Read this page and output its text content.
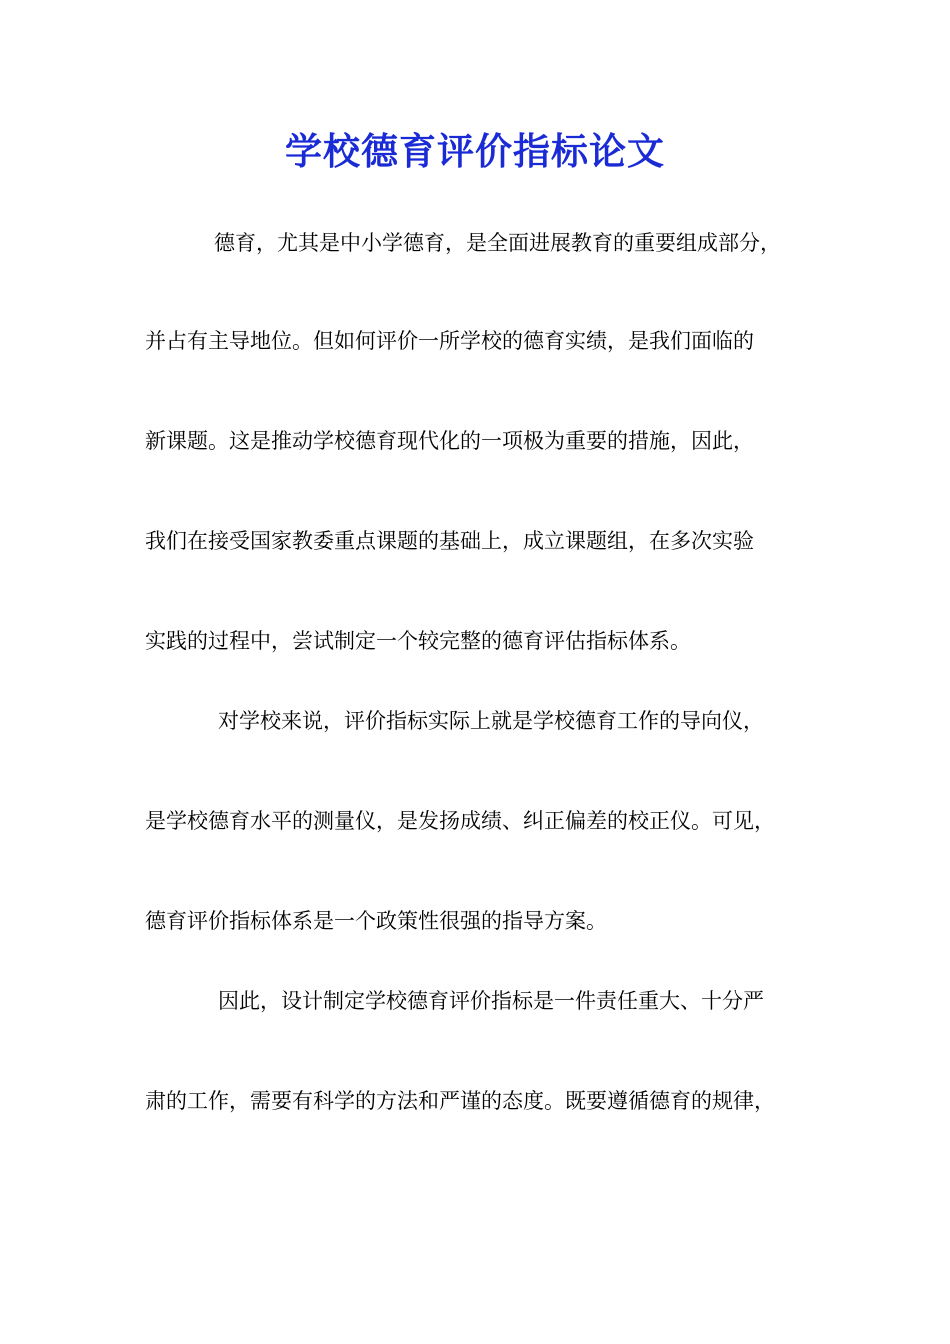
学校德育评价指标论文
德育，尤其是中小学德育，是全面进展教育的重要组成部分，
并占有主导地位。但如何评价一所学校的德育实绩，是我们面临的
新课题。这是推动学校德育现代化的一项极为重要的措施，因此，
我们在接受国家教委重点课题的基础上，成立课题组，在多次实验
实践的过程中，尝试制定一个较完整的德育评估指标体系。
对学校来说，评价指标实际上就是学校德育工作的导向仪，
是学校德育水平的测量仪，是发扬成绩、纠正偏差的校正仪。可见，
德育评价指标体系是一个政策性很强的指导方案。
因此，设计制定学校德育评价指标是一件责任重大、十分严
肃的工作，需要有科学的方法和严谨的态度。既要遵循德育的规律，
